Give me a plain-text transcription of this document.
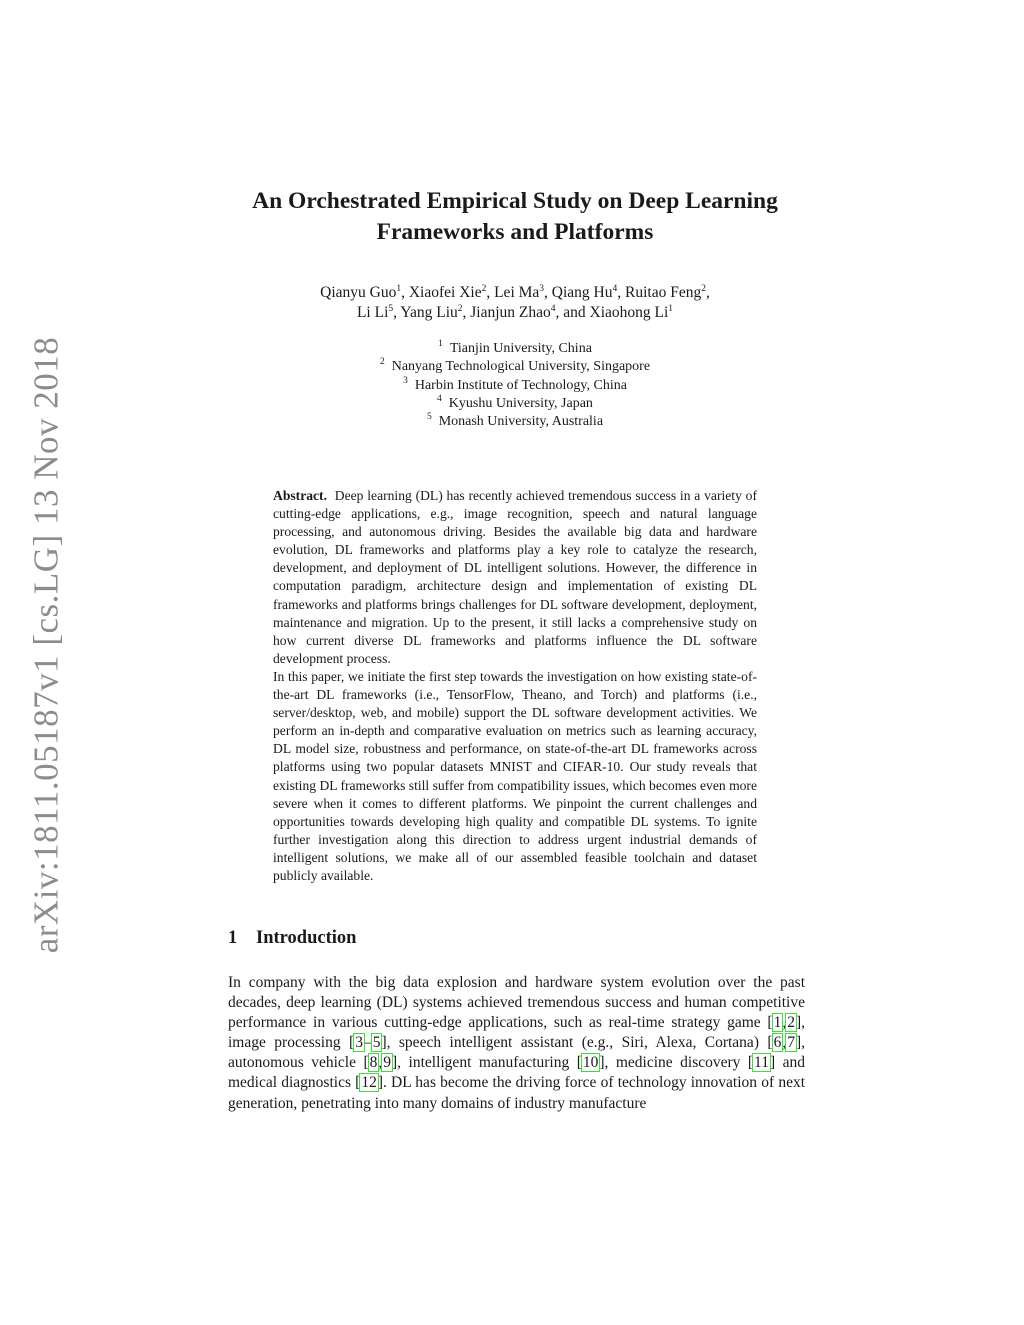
arXiv:1811.05187v1 [cs.LG] 13 Nov 2018
An Orchestrated Empirical Study on Deep Learning
Frameworks and Platforms
Qianyu Guo$^1$, Xiaofei Xie$^2$, Lei Ma$^3$, Qiang Hu$^4$, Ruitao Feng$^2$,
Li Li$^5$, Yang Liu$^2$, Jianjun Zhao$^4$, and Xiaohong Li$^1$
$^1$ Tianjin University, China
$^2$ Nanyang Technological University, Singapore
$^3$ Harbin Institute of Technology, China
$^4$ Kyushu University, Japan
$^5$ Monash University, Australia

Abstract. Deep learning (DL) has recently achieved tremendous success in a variety of cutting-edge applications, e.g., image recognition, speech and natural language processing, and autonomous driving. Besides the available big data and hardware evolution, DL frameworks and platforms play a key role to catalyze the research, development, and deployment of DL intelligent solutions. However, the difference in computation paradigm, architecture design and implementation of existing DL frameworks and platforms brings challenges for DL software development, deployment, maintenance and migration. Up to the present, it still lacks a comprehensive study on how current diverse DL frameworks and platforms influence the DL software development process.

In this paper, we initiate the first step towards the investigation on how existing state-of-the-art DL frameworks (i.e., TensorFlow, Theano, and Torch) and platforms (i.e., server/desktop, web, and mobile) support the DL software development activities. We perform an in-depth and comparative evaluation on metrics such as learning accuracy, DL model size, robustness and performance, on state-of-the-art DL frameworks across platforms using two popular datasets MNIST and CIFAR-10. Our study reveals that existing DL frameworks still suffer from compatibility issues, which becomes even more severe when it comes to different platforms. We pinpoint the current challenges and opportunities towards developing high quality and compatible DL systems. To ignite further investigation along this direction to address urgent industrial demands of intelligent solutions, we make all of our assembled feasible toolchain and dataset publicly available.

1 Introduction

In company with the big data explosion and hardware system evolution over the past decades, deep learning (DL) systems achieved tremendous success and human competitive performance in various cutting-edge applications, such as real-time strategy game [1,2], image processing [3–5], speech intelligent assistant (e.g., Siri, Alexa, Cortana) [6,7], autonomous vehicle [8,9], intelligent manufacturing [10], medicine discovery [11] and medical diagnostics [12]. DL has become the driving force of technology innovation of next generation, penetrating into many domains of industry manufacture
